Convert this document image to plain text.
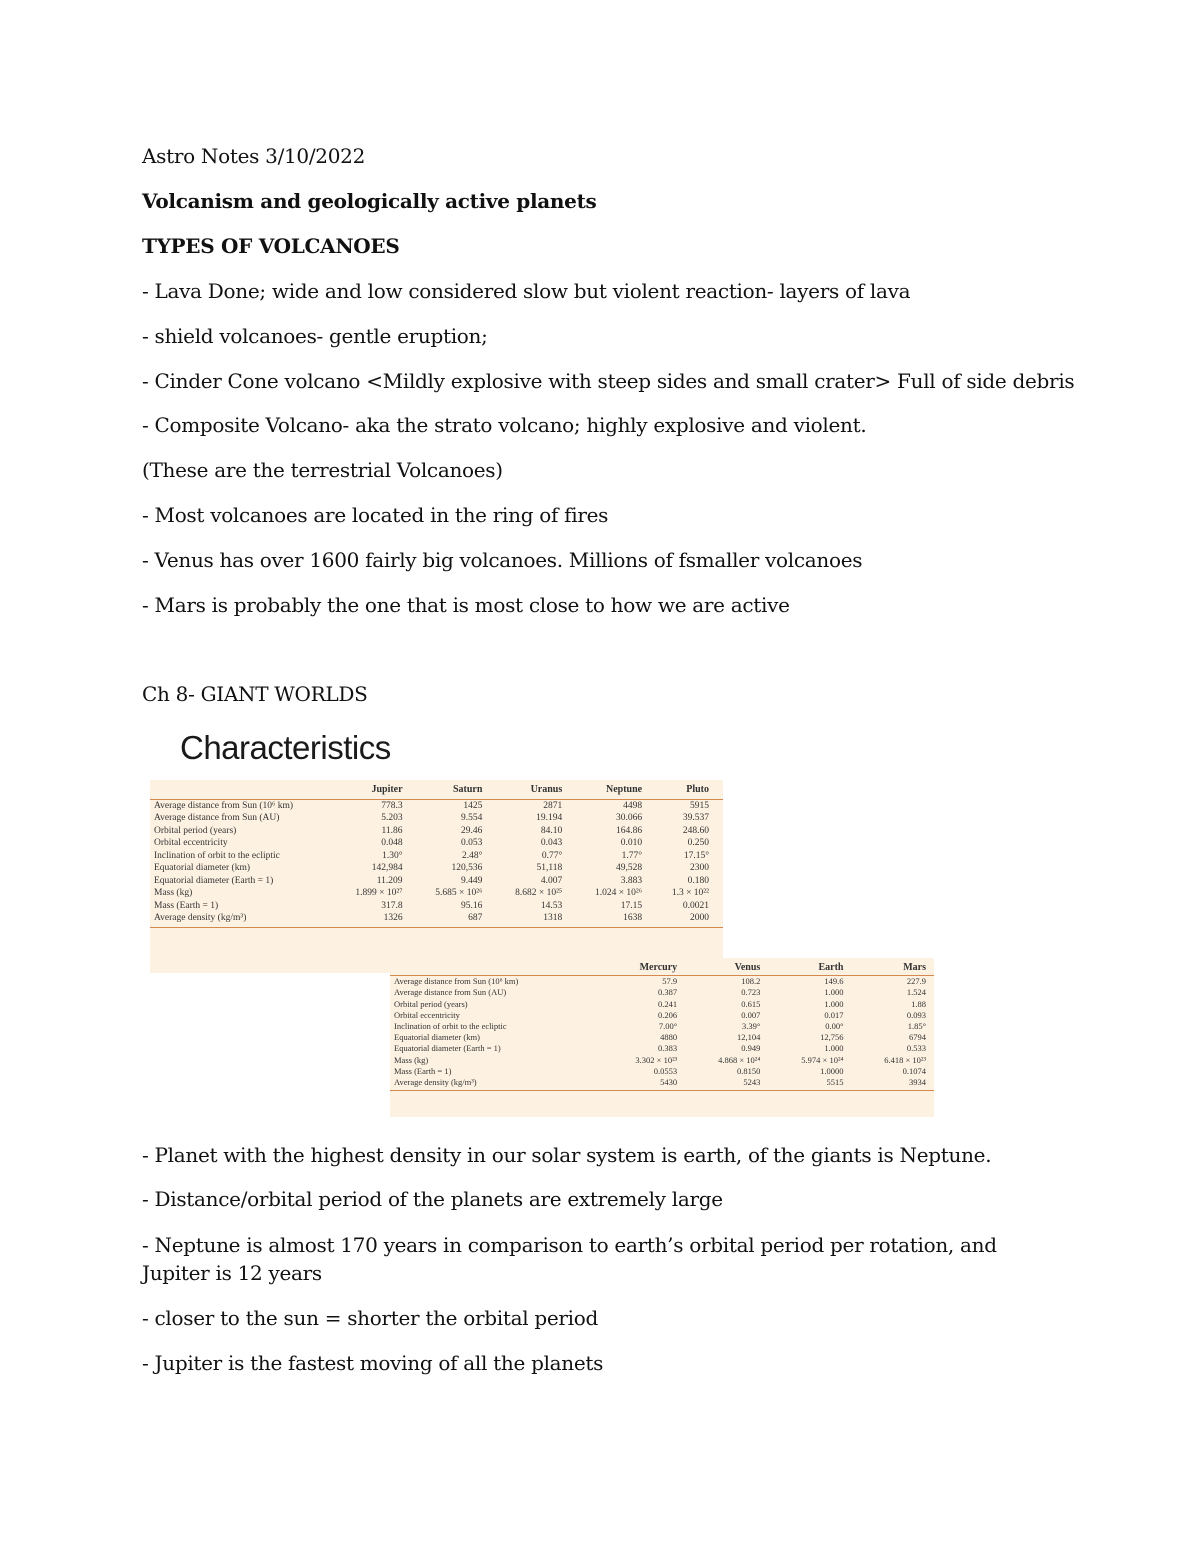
Astro Notes 3/10/2022
Volcanism and geologically active planets
TYPES OF VOLCANOES
- Lava Done; wide and low considered slow but violent reaction- layers of lava
- shield volcanoes- gentle eruption;
- Cinder Cone volcano <Mildly explosive with steep sides and small crater> Full of side debris
- Composite Volcano- aka the strato volcano; highly explosive and violent.
(These are the terrestrial Volcanoes)
- Most volcanoes are located in the ring of fires
- Venus has over 1600 fairly big volcanoes. Millions of fsmaller volcanoes
- Mars is probably the one that is most close to how we are active
Ch 8- GIANT WORLDS
- Planet with the highest density in our solar system is earth, of the giants is Neptune.
- Distance/orbital period of the planets are extremely large
- Neptune is almost 170 years in comparison to earth’s orbital period per rotation, and Jupiter is 12 years
- closer to the sun = shorter the orbital period
- Jupiter is the fastest moving of all the planets
Characteristics
	Jupiter	Saturn	Uranus	Neptune	Pluto
Average distance from Sun (10⁶ km)	778.3	1425	2871	4498	5915
Average distance from Sun (AU)	5.203	9.554	19.194	30.066	39.537
Orbital period (years)	11.86	29.46	84.10	164.86	248.60
Orbital eccentricity	0.048	0.053	0.043	0.010	0.250
Inclination of orbit to the ecliptic	1.30°	2.48°	0.77°	1.77°	17.15°
Equatorial diameter (km)	142,984	120,536	51,118	49,528	2300
Equatorial diameter (Earth = 1)	11.209	9.449	4.007	3.883	0.180
Mass (kg)	1.899 × 10²⁷	5.685 × 10²⁶	8.682 × 10²⁵	1.024 × 10²⁶	1.3 × 10²²
Mass (Earth = 1)	317.8	95.16	14.53	17.15	0.0021
Average density (kg/m³)	1326	687	1318	1638	2000
	Mercury	Venus	Earth	Mars
Average distance from Sun (10⁶ km)	57.9	108.2	149.6	227.9
Average distance from Sun (AU)	0.387	0.723	1.000	1.524
Orbital period (years)	0.241	0.615	1.000	1.88
Orbital eccentricity	0.206	0.007	0.017	0.093
Inclination of orbit to the ecliptic	7.00°	3.39°	0.00°	1.85°
Equatorial diameter (km)	4880	12,104	12,756	6794
Equatorial diameter (Earth = 1)	0.383	0.949	1.000	0.533
Mass (kg)	3.302 × 10²³	4.868 × 10²⁴	5.974 × 10²⁴	6.418 × 10²³
Mass (Earth = 1)	0.0553	0.8150	1.0000	0.1074
Average density (kg/m³)	5430	5243	5515	3934
